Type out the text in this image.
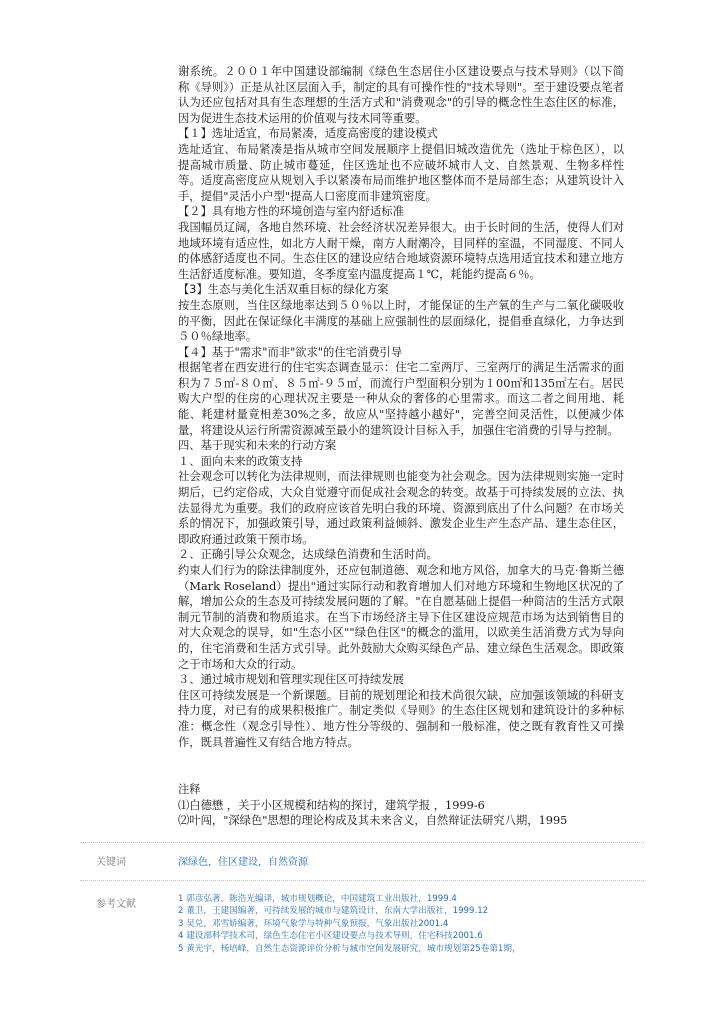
谢系统。２００１年中国建设部编制《绿色生态居住小区建设要点与技术导则》（以下简称《导则》）正是从社区层面入手，制定的具有可操作性的"技术导则"。至于建设要点笔者认为还应包括对具有生态理想的生活方式和"消费观念"的引导的概念性生态住区的标准，因为促进生态技术运用的价值观与技术同等重要。

【１】选址适宜，布局紧凑，适度高密度的建设模式

选址适宜、布局紧凑是指从城市空间发展顺序上提倡旧城改造优先（选址于棕色区），以提高城市质量、防止城市蔓延，住区选址也不应破坏城市人文、自然景观、生物多样性等。适度高密度应从规划入手以紧凑布局而维护地区整体而不是局部生态；从建筑设计入手，提倡"灵活小户型"提高人口密度而非建筑密度。

【２】具有地方性的环境创造与室内舒适标准

我国幅员辽阔，各地自然环境、社会经济状况差异很大。由于长时间的生活，使得人们对地域环境有适应性，如北方人耐干燥，南方人耐潮冷，目同样的室温，不同湿度、不同人的体感舒适度也不同。生态住区的建设应结合地域资源环境特点选用适宜技术和建立地方生活舒适度标准。要知道，冬季度室内温度提高１℃，耗能约提高６％。

【3】生态与美化生活双重目标的绿化方案

按生态原则，当住区绿地率达到５０％以上时，才能保证的生产氧的生产与二氧化碳吸收的平衡，因此在保证绿化丰满度的基础上应强制性的层面绿化，提倡垂直绿化，力争达到５０％绿地率。

【４】基于"需求"而非"欲求"的住宅消费引导

根据笔者在西安进行的住宅实态调查显示：住宅二室两厅、三室两厅的满足生活需求的面积为７５㎡-８０㎡、８５㎡-９５㎡，而流行户型面积分别为１00㎡和135㎡左右。居民购大户型的住房的心理状况主要是一种从众的奢侈的心里需求。而这二者之间用地、耗能、耗建材量竟相差30%之多，故应从"坚持越小越好"，完善空间灵活性，以便减少体量，将建设从运行所需资源减至最小的建筑设计目标入手，加强住宅消费的引导与控制。

四、基于现实和未来的行动方案

１、面向未来的政策支持

社会观念可以转化为法律规则，而法律规则也能变为社会观念。因为法律规则实施一定时期后，已约定俗成，大众自觉遵守而促成社会观念的转变。故基于可持续发展的立法、执法显得尤为重要。我们的政府应该首先明白我的环境、资源到底出了什么问题？在市场关系的情况下，加强政策引导，通过政策利益倾斜、激发企业生产生态产品、建生态住区，即政府通过政策干预市场。

２、正确引导公众观念，达成绿色消费和生活时尚。

约束人们行为的除法律制度外，还应包制道德、观念和地方风俗，加拿大的马克·鲁斯兰德（Mark Roseland）提出"通过实际行动和教育增加人们对地方环境和生物地区状况的了解，增加公众的生态及可持续发展问题的了解。"在自愿基础上提倡一种简洁的生活方式限制元节制的消费和物质追求。在当下市场经济主导下住区建设应规范市场为达到销售目的对大众观念的误导，如"生态小区""绿色住区"的概念的滥用，以欧美生活消费方式为导向的，住宅消费和生活方式引导。此外鼓励大众购买绿色产品、建立绿色生活观念。即政策之于市场和大众的行动。

３、通过城市规划和管理实现住区可持续发展

住区可持续发展是一个新课题。目前的规划理论和技术尚很欠缺，应加强该领域的科研支持力度，对已有的成果积极推广。制定类似《导则》的生态住区规划和建筑设计的多种标准：概念性（观念引导性）、地方性分等级的、强制和一般标准，使之既有教育性又可操作，既具普遍性又有结合地方特点。

注释

⑴白德懋 ，关于小区规模和结构的探讨，建筑学报 ，1999-6

⑵叶闯，"深绿色"思想的理论构成及其未来含义，自然辩证法研究八期，1995

关键词	深绿色，住区建设，自然资源
参考文献	1 郭彦弘著，陈浩光编译，城市规划概论，中国建筑工业出版社，1999.4
2 董卫，王建国编著，可持续发展的城市与建筑设计，东南大学出版社，1999.12
3 吴兑，邓雪娇编著，环境气象学与特种气象预报，气象出版社2001.4
4 建设部科学技术司，绿色生态住宅小区建设要点与技术导则，住宅科技2001.6
5 黄光宇，杨培峰，自然生态资源评价分析与城市空间发展研究，城市规划第25卷第1期，
